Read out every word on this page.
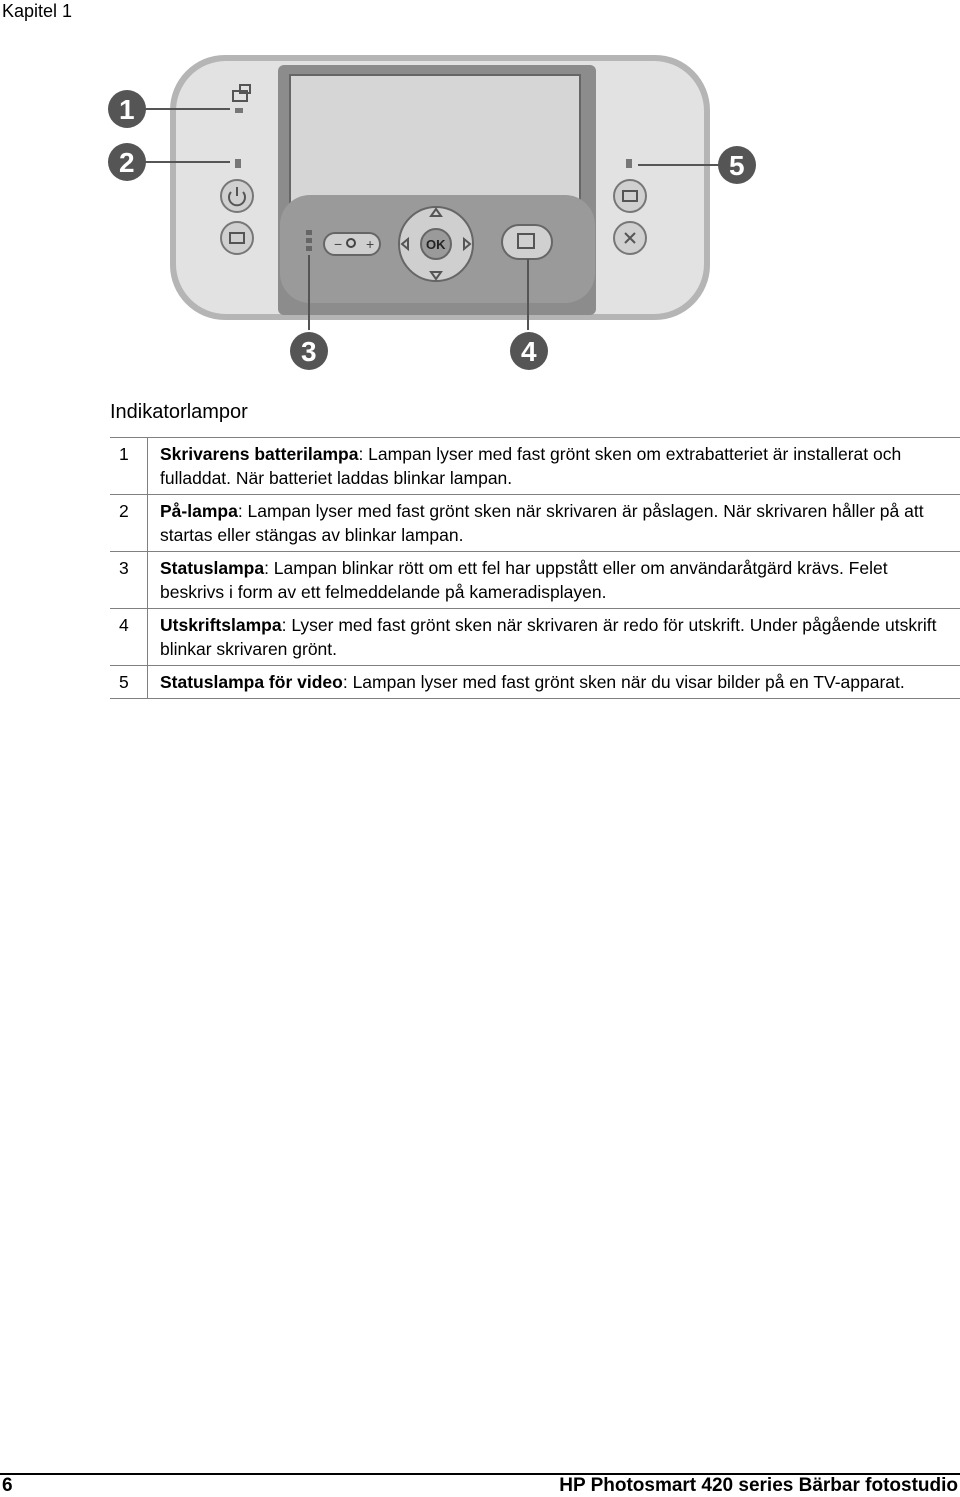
Kapitel 1
− +	OK
1
2
3	4
5
Indikatorlampor
1	Skrivarens batterilampa: Lampan lyser med fast grönt sken om extrabatteriet är installerat och fulladdat. När batteriet laddas blinkar lampan.
2	På-lampa: Lampan lyser med fast grönt sken när skrivaren är påslagen. När skrivaren håller på att startas eller stängas av blinkar lampan.
3	Statuslampa: Lampan blinkar rött om ett fel har uppstått eller om användaråtgärd krävs. Felet beskrivs i form av ett felmeddelande på kameradisplayen.
4	Utskriftslampa: Lyser med fast grönt sken när skrivaren är redo för utskrift. Under pågående utskrift blinkar skrivaren grönt.
5	Statuslampa för video: Lampan lyser med fast grönt sken när du visar bilder på en TV-apparat.
6	HP Photosmart 420 series Bärbar fotostudio
